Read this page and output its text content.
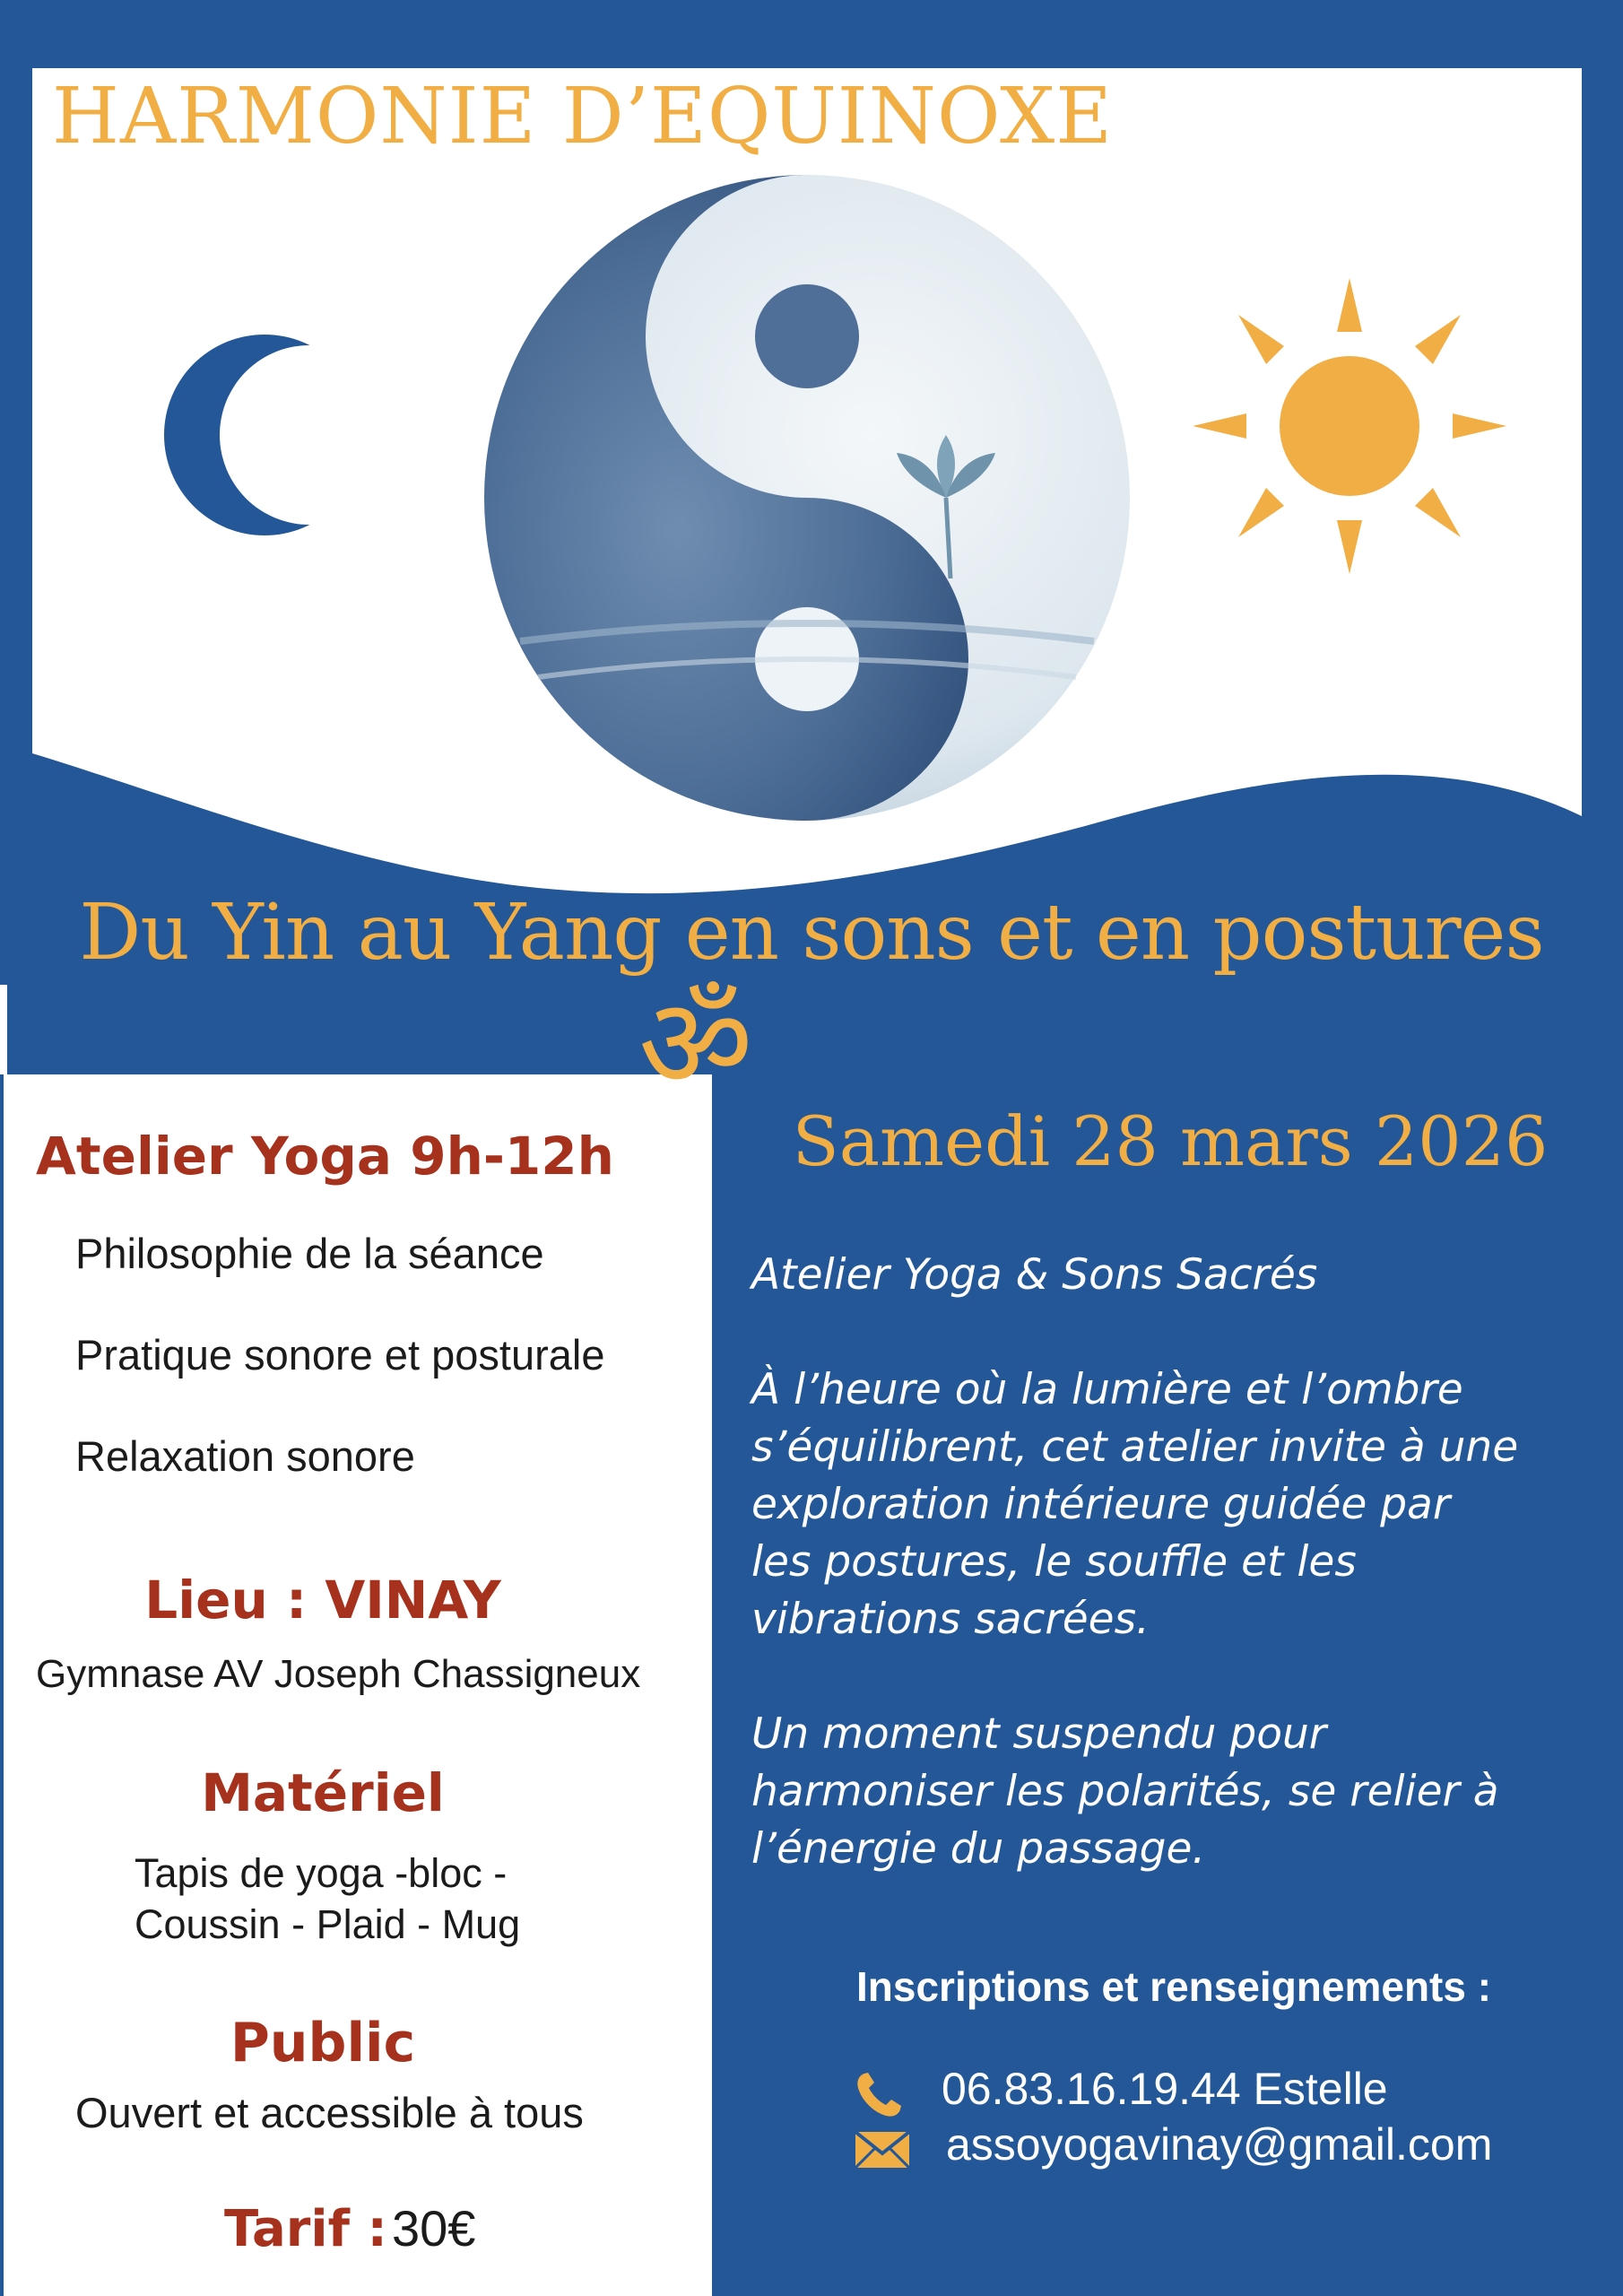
HARMONIE D’EQUINOXE
Du Yin au Yang en sons et en postures
ॐ
Samedi 28 mars 2026
Atelier Yoga 9h-12h
Philosophie de la séance
Pratique sonore et posturale
Relaxation sonore
Lieu : VINAY
Gymnase AV Joseph Chassigneux
Matériel
Tapis de yoga -bloc -
Coussin - Plaid - Mug
Public
Ouvert et accessible à tous
Tarif : 30€
Atelier Yoga & Sons Sacrés
À l’heure où la lumière et l’ombre
s’équilibrent, cet atelier invite à une
exploration intérieure guidée par
les postures, le souffle et les
vibrations sacrées.
Un moment suspendu pour
harmoniser les polarités, se relier à
l’énergie du passage.
Inscriptions et renseignements :
06.83.16.19.44 Estelle
assoyogavinay@gmail.com
